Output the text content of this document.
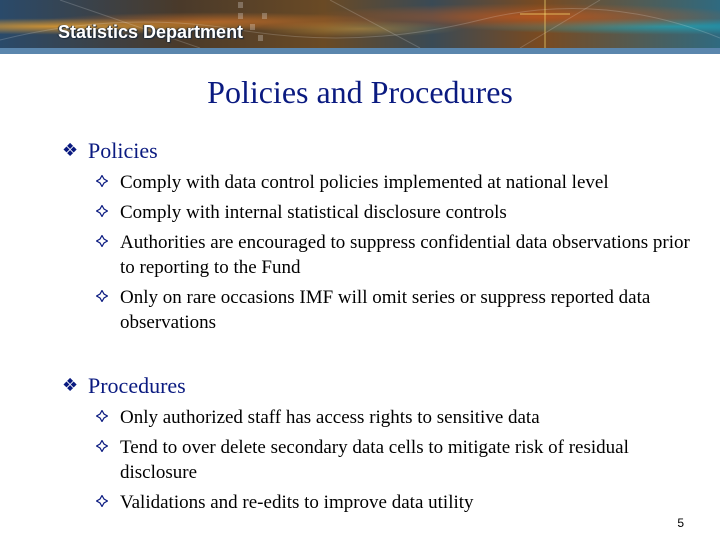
Statistics Department
Policies and Procedures
❖ Policies
Comply with data control policies implemented at national level
Comply with internal statistical disclosure controls
Authorities are encouraged to suppress confidential data observations prior to reporting to the Fund
Only on rare occasions IMF will omit series or suppress reported data observations
❖ Procedures
Only authorized staff has access rights to sensitive data
Tend to over delete secondary data cells to mitigate risk of residual disclosure
Validations and re-edits to improve data utility
5
